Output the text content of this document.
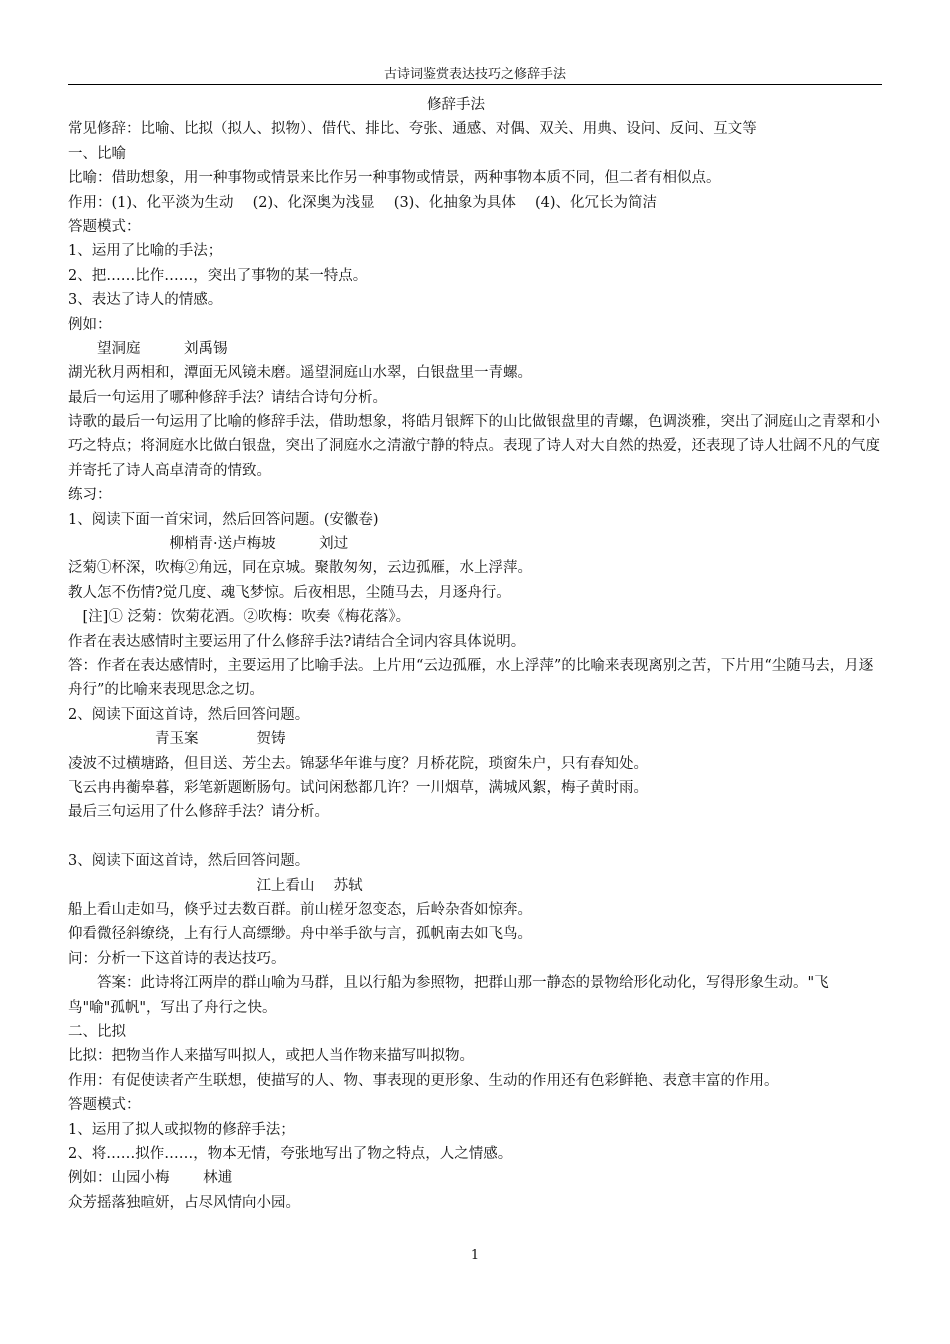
古诗词鉴赏表达技巧之修辞手法
修辞手法
常见修辞：比喻、比拟（拟人、拟物）、借代、排比、夸张、通感、对偶、双关、用典、设问、反问、互文等
一、比喻
比喻：借助想象，用一种事物或情景来比作另一种事物或情景，两种事物本质不同，但二者有相似点。
作用：(1)、化平淡为生动　 (2)、化深奥为浅显　 (3)、化抽象为具体　 (4)、化冗长为简洁
答题模式：
1、运用了比喻的手法；
2、把……比作……，突出了事物的某一特点。
3、表达了诗人的情感。
例如：
　　望洞庭　　　刘禹锡
湖光秋月两相和，潭面无风镜未磨。遥望洞庭山水翠，白银盘里一青螺。
最后一句运用了哪种修辞手法？请结合诗句分析。
诗歌的最后一句运用了比喻的修辞手法，借助想象，将皓月银辉下的山比做银盘里的青螺，色调淡雅，突出了洞庭山之青翠和小巧之特点；将洞庭水比做白银盘，突出了洞庭水之清澈宁静的特点。表现了诗人对大自然的热爱，还表现了诗人壮阔不凡的气度并寄托了诗人高卓清奇的情致。
练习：
1、阅读下面一首宋词，然后回答问题。(安徽卷)
　　　　　　　柳梢青·送卢梅坡　　　刘过
泛菊①杯深，吹梅②角远，同在京城。聚散匆匆，云边孤雁，水上浮萍。
教人怎不伤情?觉几度、魂飞梦惊。后夜相思，尘随马去，月逐舟行。
　[注]① 泛菊：饮菊花酒。②吹梅：吹奏《梅花落》。
作者在表达感情时主要运用了什么修辞手法?请结合全词内容具体说明。
答：作者在表达感情时，主要运用了比喻手法。上片用“云边孤雁，水上浮萍”的比喻来表现离别之苦，下片用“尘随马去，月逐舟行”的比喻来表现思念之切。
2、阅读下面这首诗，然后回答问题。
　　　　　　青玉案　　　　贺铸
凌波不过横塘路，但目送、芳尘去。锦瑟华年谁与度？月桥花院，琐窗朱户，只有春知处。
飞云冉冉蘅皋暮，彩笔新题断肠句。试问闲愁都几许？一川烟草，满城风絮，梅子黄时雨。
最后三句运用了什么修辞手法？请分析。
3、阅读下面这首诗，然后回答问题。
　　　　　　　　　　　　　江上看山　 苏轼
船上看山走如马，倏乎过去数百群。前山槎牙忽变态，后岭杂沓如惊奔。
仰看微径斜缭绕，上有行人高缥缈。舟中举手欲与言，孤帆南去如飞鸟。
问：分析一下这首诗的表达技巧。
　　答案：此诗将江两岸的群山喻为马群，且以行船为参照物，把群山那一静态的景物给形化动化，写得形象生动。"飞鸟"喻"孤帆"，写出了舟行之快。
二、比拟
比拟：把物当作人来描写叫拟人，或把人当作物来描写叫拟物。
作用：有促使读者产生联想，使描写的人、物、事表现的更形象、生动的作用还有色彩鲜艳、表意丰富的作用。
答题模式：
1、运用了拟人或拟物的修辞手法；
2、将……拟作……，物本无情，夸张地写出了物之特点，人之情感。
例如：山园小梅　　 林逋
众芳摇落独暄妍，占尽风情向小园。
1
